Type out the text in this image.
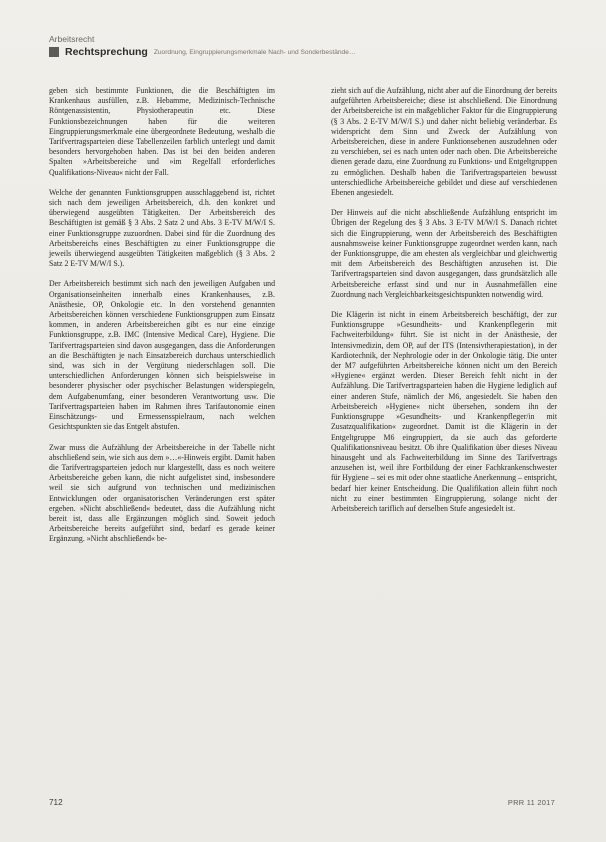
Arbeitsrecht
Rechtsprechung Zuordnung, Eingruppierungsmerkmale Nach- und Sonderbestände…

geben sich bestimmte Funktionen, die die Beschäftigten im Krankenhaus ausfüllen, z.B. Hebamme, Medizinisch-Technische Röntgenassistentin, Physiotherapeutin etc. Diese Funktionsbezeichnungen haben für die weiteren Eingruppierungsmerkmale eine übergeordnete Bedeutung, weshalb die Tarifvertragsparteien diese Tabellenzeilen farblich unterlegt und damit besonders hervorgehoben haben. Das ist bei den beiden anderen Spalten »Arbeitsbereiche und »im Regelfall erforderliches Qualifikations-Niveau« nicht der Fall.

Welche der genannten Funktionsgruppen ausschlaggebend ist, richtet sich nach dem jeweiligen Arbeitsbereich, d.h. den konkret und überwiegend ausgeübten Tätigkeiten. Der Arbeitsbereich des Beschäftigten ist gemäß § 3 Abs. 2 Satz 2 und Abs. 3 E-TV M/W/I S. einer Funktionsgruppe zuzuordnen. Dabei sind für die Zuordnung des Arbeitsbereichs eines Beschäftigten zu einer Funktionsgruppe die jeweils überwiegend ausgeübten Tätigkeiten maßgeblich (§ 3 Abs. 2 Satz 2 E-TV M/W/I S.).

Der Arbeitsbereich bestimmt sich nach den jeweiligen Aufgaben und Organisationseinheiten innerhalb eines Krankenhauses, z.B. Anästhesie, OP, Onkologie etc. In den vorstehend genannten Arbeitsbereichen können verschiedene Funktionsgruppen zum Einsatz kommen, in anderen Arbeitsbereichen gibt es nur eine einzige Funktionsgruppe, z.B. IMC (Intensive Medical Care), Hygiene. Die Tarifvertragsparteien sind davon ausgegangen, dass die Anforderungen an die Beschäftigten je nach Einsatzbereich durchaus unterschiedlich sind, was sich in der Vergütung niederschlagen soll. Die unterschiedlichen Anforderungen können sich beispielsweise in besonderer physischer oder psychischer Belastungen widerspiegeln, dem Aufgabenumfang, einer besonderen Verantwortung usw. Die Tarifvertragsparteien haben im Rahmen ihres Tarifautonomie einen Einschätzungs- und Ermessensspielraum, nach welchen Gesichtspunkten sie das Entgelt abstufen.

Zwar muss die Aufzählung der Arbeitsbereiche in der Tabelle nicht abschließend sein, wie sich aus dem »…«-Hinweis ergibt. Damit haben die Tarifvertragsparteien jedoch nur klargestellt, dass es noch weitere Arbeitsbereiche geben kann, die nicht aufgelistet sind, insbesondere weil sie sich aufgrund von technischen und medizinischen Entwicklungen oder organisatorischen Veränderungen erst später ergeben. »Nicht abschließend« bedeutet, dass die Aufzählung nicht bereit ist, dass alle Ergänzungen möglich sind. Soweit jedoch Arbeitsbereiche bereits aufgeführt sind, bedarf es gerade keiner Ergänzung. »Nicht abschließend« be-

zieht sich auf die Aufzählung, nicht aber auf die Einordnung der bereits aufgeführten Arbeitsbereiche; diese ist abschließend. Die Einordnung der Arbeitsbereiche ist ein maßgeblicher Faktor für die Eingruppierung (§ 3 Abs. 2 E-TV M/W/I S.) und daher nicht beliebig veränderbar. Es widerspricht dem Sinn und Zweck der Aufzählung von Arbeitsbereichen, diese in andere Funktionsebenen auszudehnen oder zu verschieben, sei es nach unten oder nach oben. Die Arbeitsbereiche dienen gerade dazu, eine Zuordnung zu Funktions- und Entgeltgruppen zu ermöglichen. Deshalb haben die Tarifvertragsparteien bewusst unterschiedliche Arbeitsbereiche gebildet und diese auf verschiedenen Ebenen angesiedelt.

Der Hinweis auf die nicht abschließende Aufzählung entspricht im Übrigen der Regelung des § 3 Abs. 3 E-TV M/W/I S. Danach richtet sich die Eingruppierung, wenn der Arbeitsbereich des Beschäftigten ausnahmsweise keiner Funktionsgruppe zugeordnet werden kann, nach der Funktionsgruppe, die am ehesten als vergleichbar und gleichwertig mit dem Arbeitsbereich des Beschäftigten anzusehen ist. Die Tarifvertragsparteien sind davon ausgegangen, dass grundsätzlich alle Arbeitsbereiche erfasst sind und nur in Ausnahmefällen eine Zuordnung nach Vergleichbarkeitsgesichtspunkten notwendig wird.

Die Klägerin ist nicht in einem Arbeitsbereich beschäftigt, der zur Funktionsgruppe »Gesundheits- und Krankenpflegerin mit Fachweiterbildung« führt. Sie ist nicht in der Anästhesie, der Intensivmedizin, dem OP, auf der ITS (Intensivtherapiestation), in der Kardiotechnik, der Nephrologie oder in der Onkologie tätig. Die unter der M7 aufgeführten Arbeitsbereiche können nicht um den Bereich »Hygiene« ergänzt werden. Dieser Bereich fehlt nicht in der Aufzählung. Die Tarifvertragsparteien haben die Hygiene lediglich auf einer anderen Stufe, nämlich der M6, angesiedelt. Sie haben den Arbeitsbereich »Hygiene« nicht übersehen, sondern ihn der Funktionsgruppe »Gesundheits- und Krankenpfleger/in mit Zusatzqualifikation« zugeordnet. Damit ist die Klägerin in der Entgeltgruppe M6 eingruppiert, da sie auch das geforderte Qualifikationsniveau besitzt. Ob ihre Qualifikation über dieses Niveau hinausgeht und als Fachweiterbildung im Sinne des Tarifvertrags anzusehen ist, weil ihre Fortbildung der einer Fachkrankenschwester für Hygiene – sei es mit oder ohne staatliche Anerkennung – entspricht, bedarf hier keiner Entscheidung. Die Qualifikation allein führt noch nicht zu einer bestimmten Eingruppierung, solange nicht der Arbeitsbereich tariflich auf derselben Stufe angesiedelt ist.

712	PRR 11 2017
